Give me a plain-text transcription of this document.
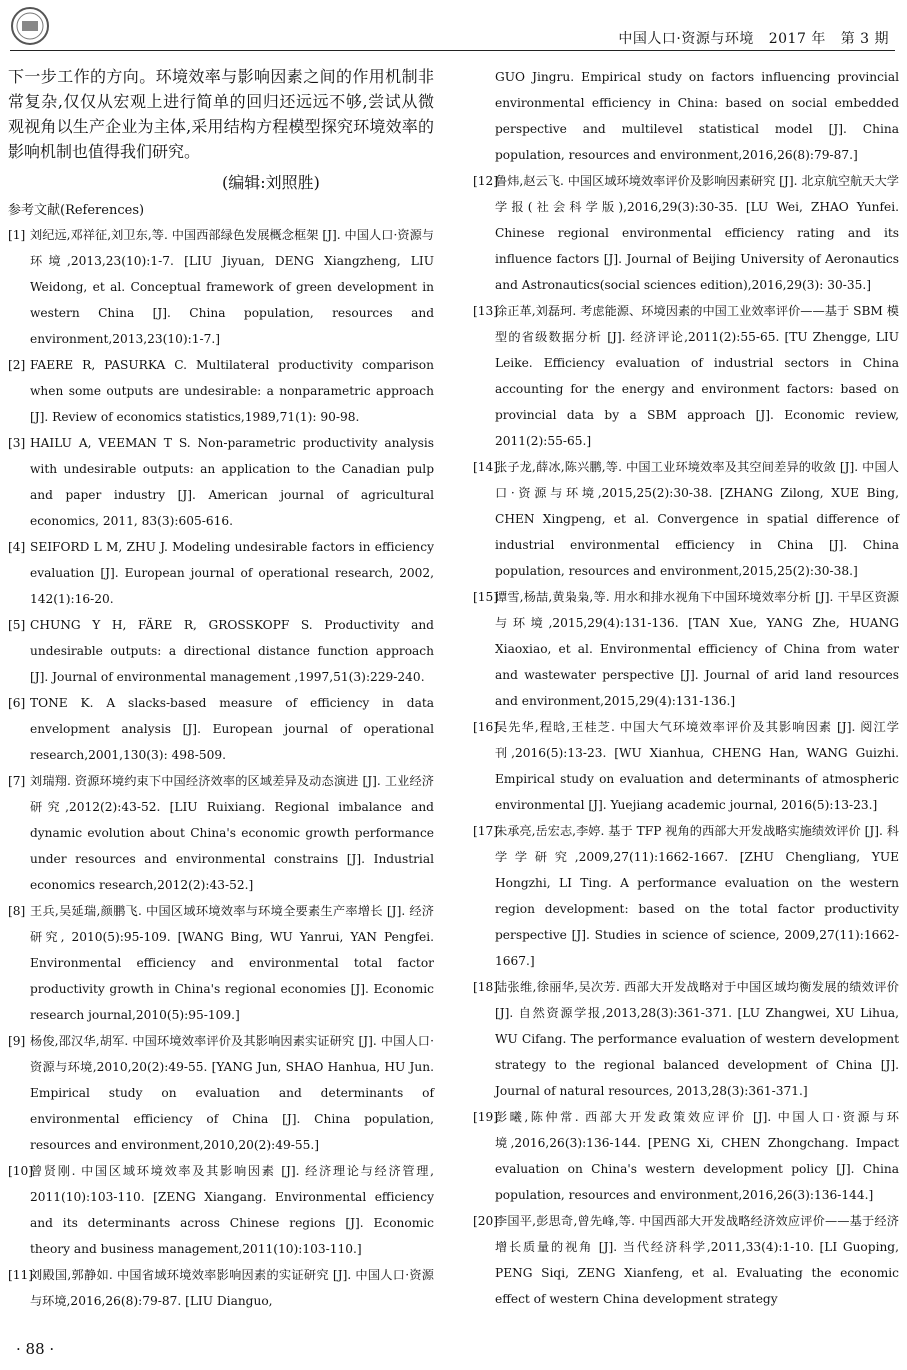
中国人口·资源与环境 2017 年 第 3 期

下一步工作的方向。环境效率与影响因素之间的作用机制非常复杂,仅仅从宏观上进行简单的回归还远远不够,尝试从微观视角以生产企业为主体,采用结构方程模型探究环境效率的影响机制也值得我们研究。

(编辑:刘照胜)
参考文献(References)
[1] 刘纪远,邓祥征,刘卫东,等. 中国西部绿色发展概念框架 [J]. 中国人口·资源与环境,2013,23(10):1-7. [LIU Jiyuan, DENG Xiangzheng, LIU Weidong, et al. Conceptual framework of green development in western China [J]. China population, resources and environment,2013,23(10):1-7.]
[2] FAERE R, PASURKA C. Multilateral productivity comparison when some outputs are undesirable: a nonparametric approach [J]. Review of economics statistics,1989,71(1): 90-98.
[3] HAILU A, VEEMAN T S. Non-parametric productivity analysis with undesirable outputs: an application to the Canadian pulp and paper industry [J]. American journal of agricultural economics, 2011, 83(3):605-616.
[4] SEIFORD L M, ZHU J. Modeling undesirable factors in efficiency evaluation [J]. European journal of operational research, 2002, 142(1):16-20.
[5] CHUNG Y H, FÄRE R, GROSSKOPF S. Productivity and undesirable outputs: a directional distance function approach [J]. Journal of environmental management ,1997,51(3):229-240.
[6] TONE K. A slacks-based measure of efficiency in data envelopment analysis [J]. European journal of operational research,2001,130(3): 498-509.
[7] 刘瑞翔. 资源环境约束下中国经济效率的区域差异及动态演进 [J]. 工业经济研究,2012(2):43-52. [LIU Ruixiang. Regional imbalance and dynamic evolution about China's economic growth performance under resources and environmental constrains [J]. Industrial economics research,2012(2):43-52.]
[8] 王兵,吴延瑞,颜鹏飞. 中国区域环境效率与环境全要素生产率增长 [J]. 经济研究, 2010(5):95-109. [WANG Bing, WU Yanrui, YAN Pengfei. Environmental efficiency and environmental total factor productivity growth in China's regional economies [J]. Economic research journal,2010(5):95-109.]
[9] 杨俊,邵汉华,胡军. 中国环境效率评价及其影响因素实证研究 [J]. 中国人口·资源与环境,2010,20(2):49-55. [YANG Jun, SHAO Hanhua, HU Jun. Empirical study on evaluation and determinants of environmental efficiency of China [J]. China population, resources and environment,2010,20(2):49-55.]
[10]
曾贤刚. 中国区域环境效率及其影响因素 [J]. 经济理论与经济管理, 2011(10):103-110. [ZENG Xiangang. Environmental efficiency and its determinants across Chinese regions [J]. Economic theory and business management,2011(10):103-110.]
[11]
刘殿国,郭静如. 中国省域环境效率影响因素的实证研究 [J]. 中国人口·资源与环境,2016,26(8):79-87. [LIU Dianguo,

GUO Jingru. Empirical study on factors influencing provincial environmental efficiency in China: based on social embedded perspective and multilevel statistical model [J]. China population, resources and environment,2016,26(8):79-87.]

[12]
鲁炜,赵云飞. 中国区域环境效率评价及影响因素研究 [J]. 北京航空航天大学学报(社会科学版),2016,29(3):30-35. [LU Wei, ZHAO Yunfei. Chinese regional environmental efficiency rating and its influence factors [J]. Journal of Beijing University of Aeronautics and Astronautics(social sciences edition),2016,29(3): 30-35.]
[13]
涂正革,刘磊珂. 考虑能源、环境因素的中国工业效率评价——基于 SBM 模型的省级数据分析 [J]. 经济评论,2011(2):55-65. [TU Zhengge, LIU Leike. Efficiency evaluation of industrial sectors in China accounting for the energy and environment factors: based on provincial data by a SBM approach [J]. Economic review, 2011(2):55-65.]
[14]
张子龙,薛冰,陈兴鹏,等. 中国工业环境效率及其空间差异的收敛 [J]. 中国人口·资源与环境,2015,25(2):30-38. [ZHANG Zilong, XUE Bing, CHEN Xingpeng, et al. Convergence in spatial difference of industrial environmental efficiency in China [J]. China population, resources and environment,2015,25(2):30-38.]
[15]
谭雪,杨喆,黄枭枭,等. 用水和排水视角下中国环境效率分析 [J]. 干旱区资源与环境,2015,29(4):131-136. [TAN Xue, YANG Zhe, HUANG Xiaoxiao, et al. Environmental efficiency of China from water and wastewater perspective [J]. Journal of arid land resources and environment,2015,29(4):131-136.]
[16]
吴先华,程晗,王桂芝. 中国大气环境效率评价及其影响因素 [J]. 阅江学刊,2016(5):13-23. [WU Xianhua, CHENG Han, WANG Guizhi. Empirical study on evaluation and determinants of atmospheric environmental [J]. Yuejiang academic journal, 2016(5):13-23.]
[17]
朱承亮,岳宏志,李婷. 基于 TFP 视角的西部大开发战略实施绩效评价 [J]. 科学学研究,2009,27(11):1662-1667. [ZHU Chengliang, YUE Hongzhi, LI Ting. A performance evaluation on the western region development: based on the total factor productivity perspective [J]. Studies in science of science, 2009,27(11):1662-1667.]
[18]
陆张维,徐丽华,吴次芳. 西部大开发战略对于中国区域均衡发展的绩效评价 [J]. 自然资源学报,2013,28(3):361-371. [LU Zhangwei, XU Lihua, WU Cifang. The performance evaluation of western development strategy to the regional balanced development of China [J]. Journal of natural resources, 2013,28(3):361-371.]
[19]
彭曦,陈仲常. 西部大开发政策效应评价 [J]. 中国人口·资源与环境,2016,26(3):136-144. [PENG Xi, CHEN Zhongchang. Impact evaluation on China's western development policy [J]. China population, resources and environment,2016,26(3):136-144.]
[20]
李国平,彭思奇,曾先峰,等. 中国西部大开发战略经济效应评价——基于经济增长质量的视角 [J]. 当代经济科学,2011,33(4):1-10. [LI Guoping, PENG Siqi, ZENG Xianfeng, et al. Evaluating the economic effect of western China development strategy
· 88 ·
